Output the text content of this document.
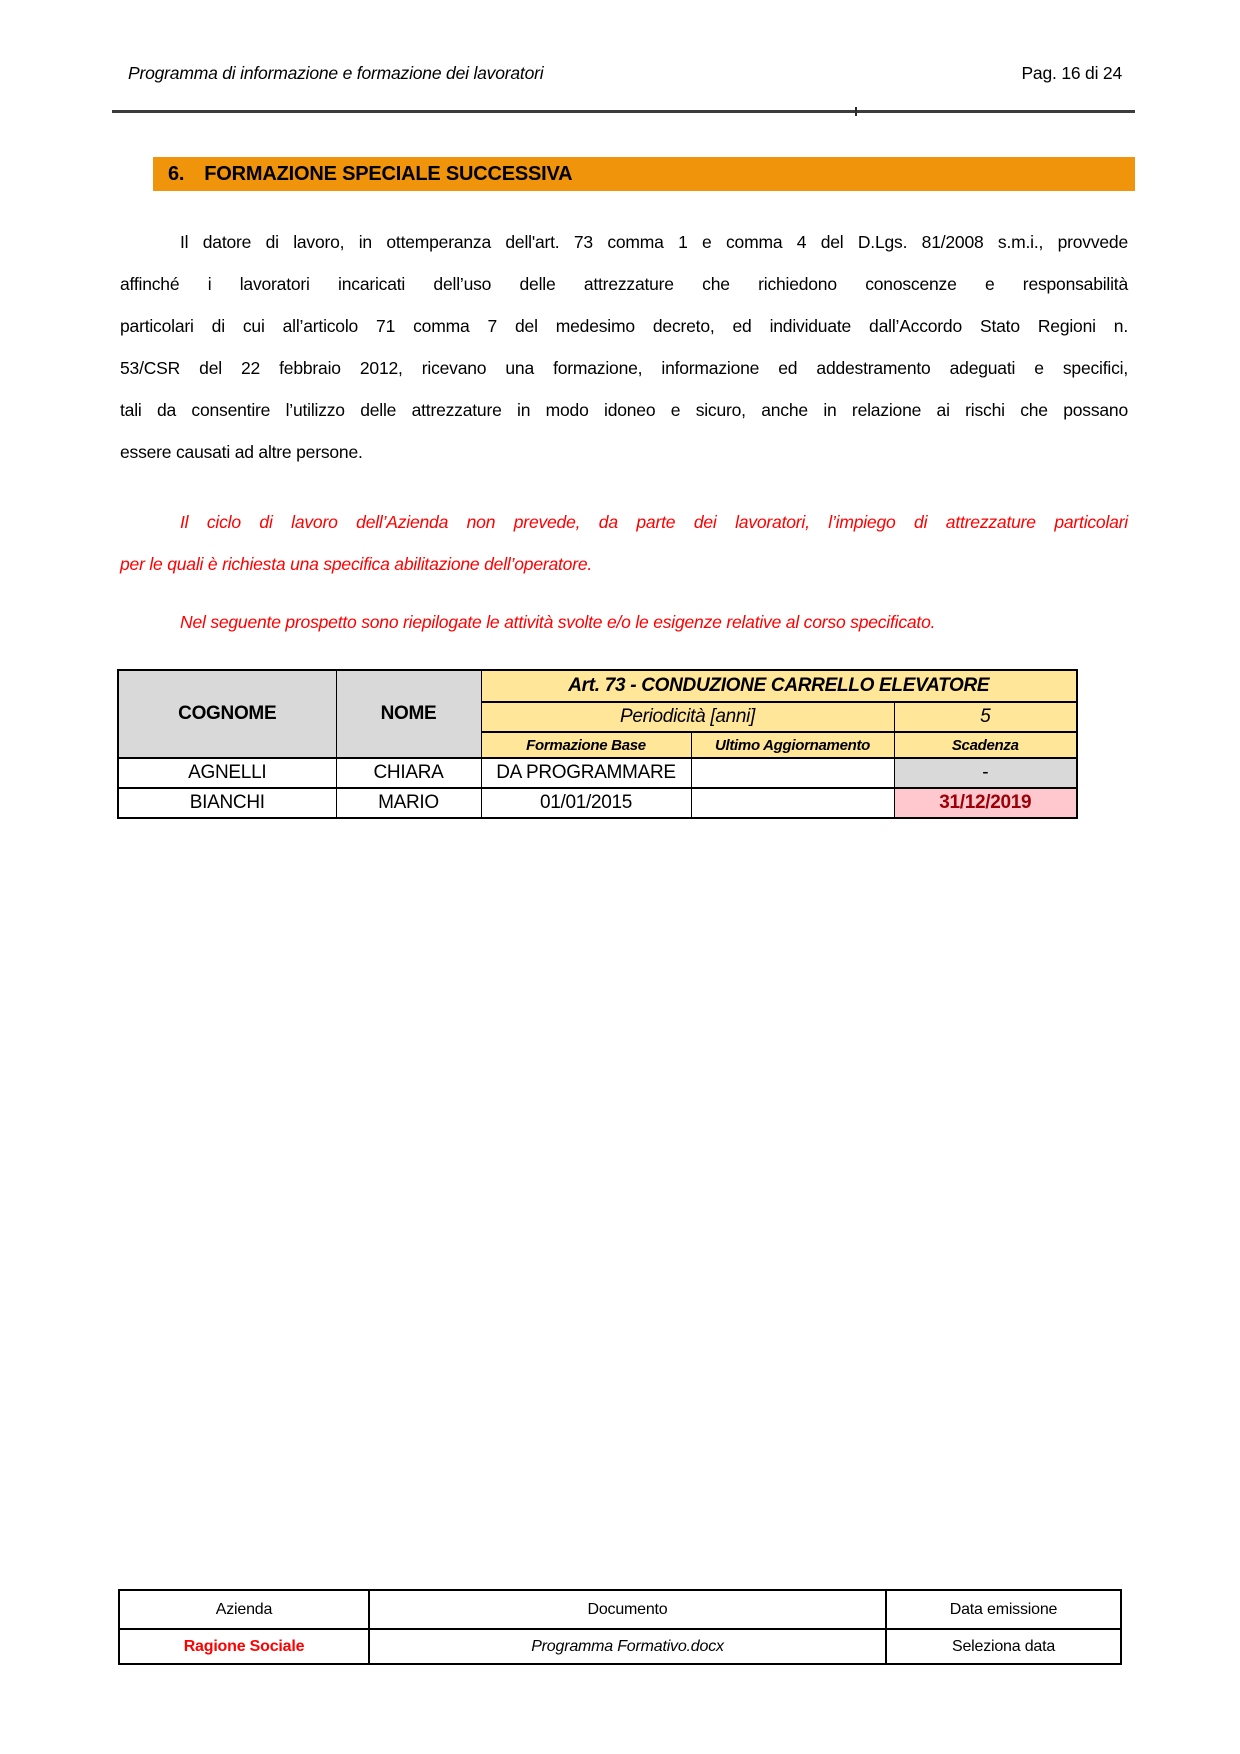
Programma di informazione e formazione dei lavoratori	Pag. 16 di 24
6. FORMAZIONE SPECIALE SUCCESSIVA
Il datore di lavoro, in ottemperanza dell'art. 73 comma 1 e comma 4 del D.Lgs. 81/2008 s.m.i., provvede
affinché i lavoratori incaricati dell’uso delle attrezzature che richiedono conoscenze e responsabilità
particolari di cui all’articolo 71 comma 7 del medesimo decreto, ed individuate dall’Accordo Stato Regioni n.
53/CSR del 22 febbraio 2012, ricevano una formazione, informazione ed addestramento adeguati e specifici,
tali da consentire l’utilizzo delle attrezzature in modo idoneo e sicuro, anche in relazione ai rischi che possano
essere causati ad altre persone.
Il ciclo di lavoro dell’Azienda non prevede, da parte dei lavoratori, l’impiego di attrezzature particolari
per le quali è richiesta una specifica abilitazione dell’operatore.
Nel seguente prospetto sono riepilogate le attività svolte e/o le esigenze relative al corso specificato.
COGNOME	NOME	Art. 73 - CONDUZIONE CARRELLO ELEVATORE		
		Periodicità [anni]		5
		Formazione Base	Ultimo Aggiornamento	Scadenza
AGNELLI	CHIARA	DA PROGRAMMARE		-
BIANCHI	MARIO	01/01/2015		31/12/2019
Azienda	Documento	Data emissione
Ragione Sociale	Programma Formativo.docx	Seleziona data
